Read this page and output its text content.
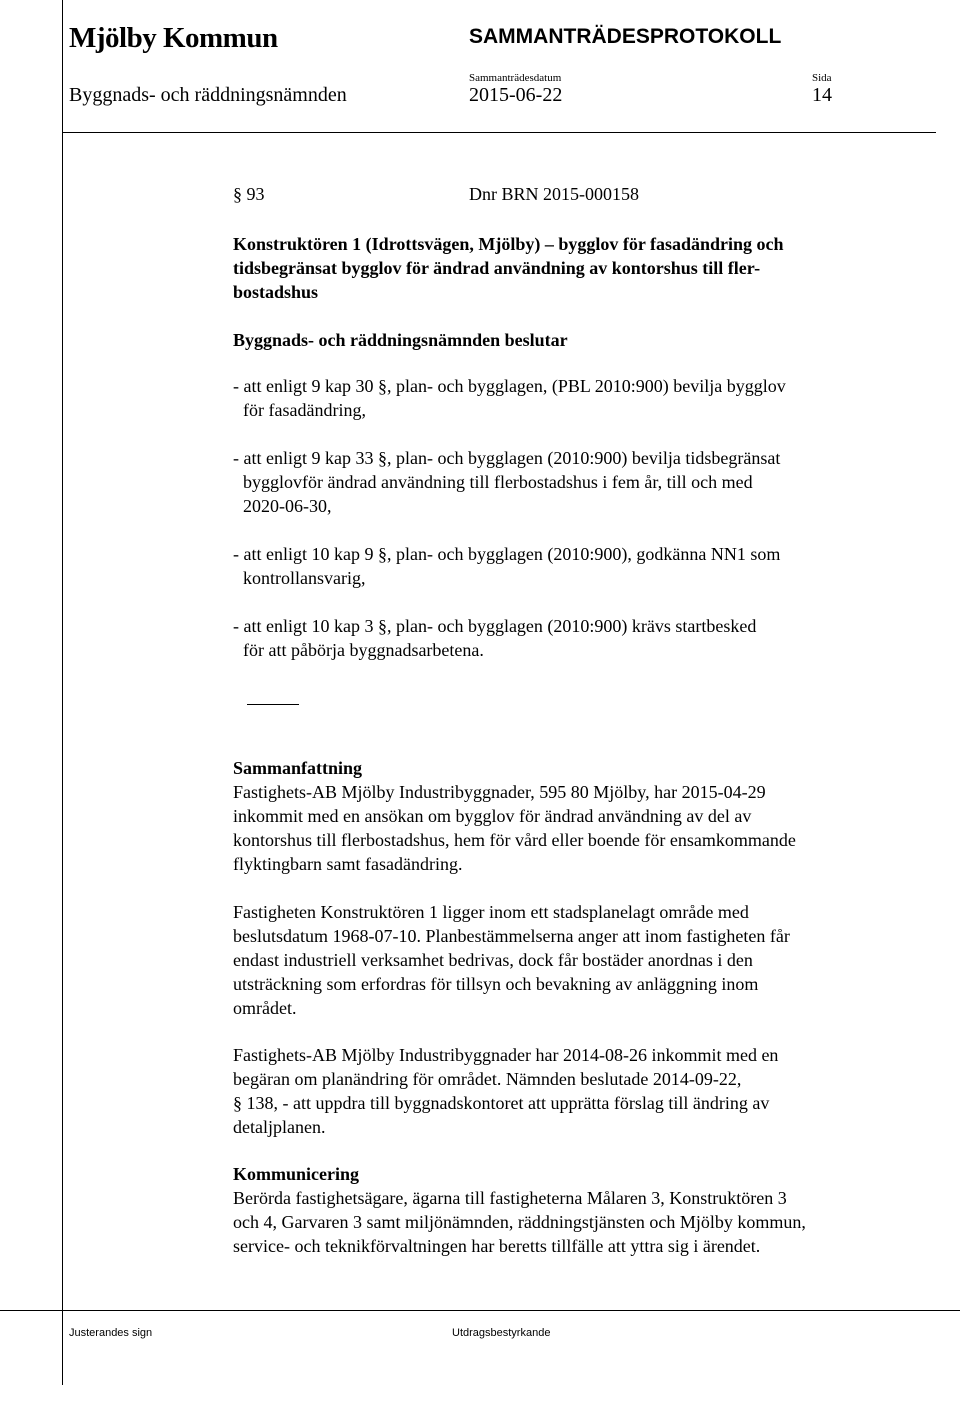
Mjölby Kommun	SAMMANTRÄDESPROTOKOLL
Sammanträdesdatum	Sida
Byggnads- och räddningsnämnden	2015-06-22	14
§ 93	Dnr BRN 2015-000158
Konstruktören 1 (Idrottsvägen, Mjölby) – bygglov för fasadändring och
tidsbegränsat bygglov för ändrad användning av kontorshus till fler-
bostadshus
Byggnads- och räddningsnämnden beslutar
- att enligt 9 kap 30 §, plan- och bygglagen, (PBL 2010:900) bevilja bygglov
för fasadändring,
- att enligt 9 kap 33 §, plan- och bygglagen (2010:900) bevilja tidsbegränsat
bygglovför ändrad användning till flerbostadshus i fem år, till och med
2020-06-30,
- att enligt 10 kap 9 §, plan- och bygglagen (2010:900), godkänna NN1 som
kontrollansvarig,
- att enligt 10 kap 3 §, plan- och bygglagen (2010:900) krävs startbesked
för att påbörja byggnadsarbetena.
Sammanfattning
Fastighets-AB Mjölby Industribyggnader, 595 80 Mjölby, har 2015-04-29
inkommit med en ansökan om bygglov för ändrad användning av del av
kontorshus till flerbostadshus, hem för vård eller boende för ensamkommande
flyktingbarn samt fasadändring.
Fastigheten Konstruktören 1 ligger inom ett stadsplanelagt område med
beslutsdatum 1968-07-10. Planbestämmelserna anger att inom fastigheten får
endast industriell verksamhet bedrivas, dock får bostäder anordnas i den
utsträckning som erfordras för tillsyn och bevakning av anläggning inom
området.
Fastighets-AB Mjölby Industribyggnader har 2014-08-26 inkommit med en
begäran om planändring för området. Nämnden beslutade 2014-09-22,
§ 138, - att uppdra till byggnadskontoret att upprätta förslag till ändring av
detaljplanen.
Kommunicering
Berörda fastighetsägare, ägarna till fastigheterna Målaren 3, Konstruktören 3
och 4, Garvaren 3 samt miljönämnden, räddningstjänsten och Mjölby kommun,
service- och teknikförvaltningen har beretts tillfälle att yttra sig i ärendet.
Justerandes sign	Utdragsbestyrkande
